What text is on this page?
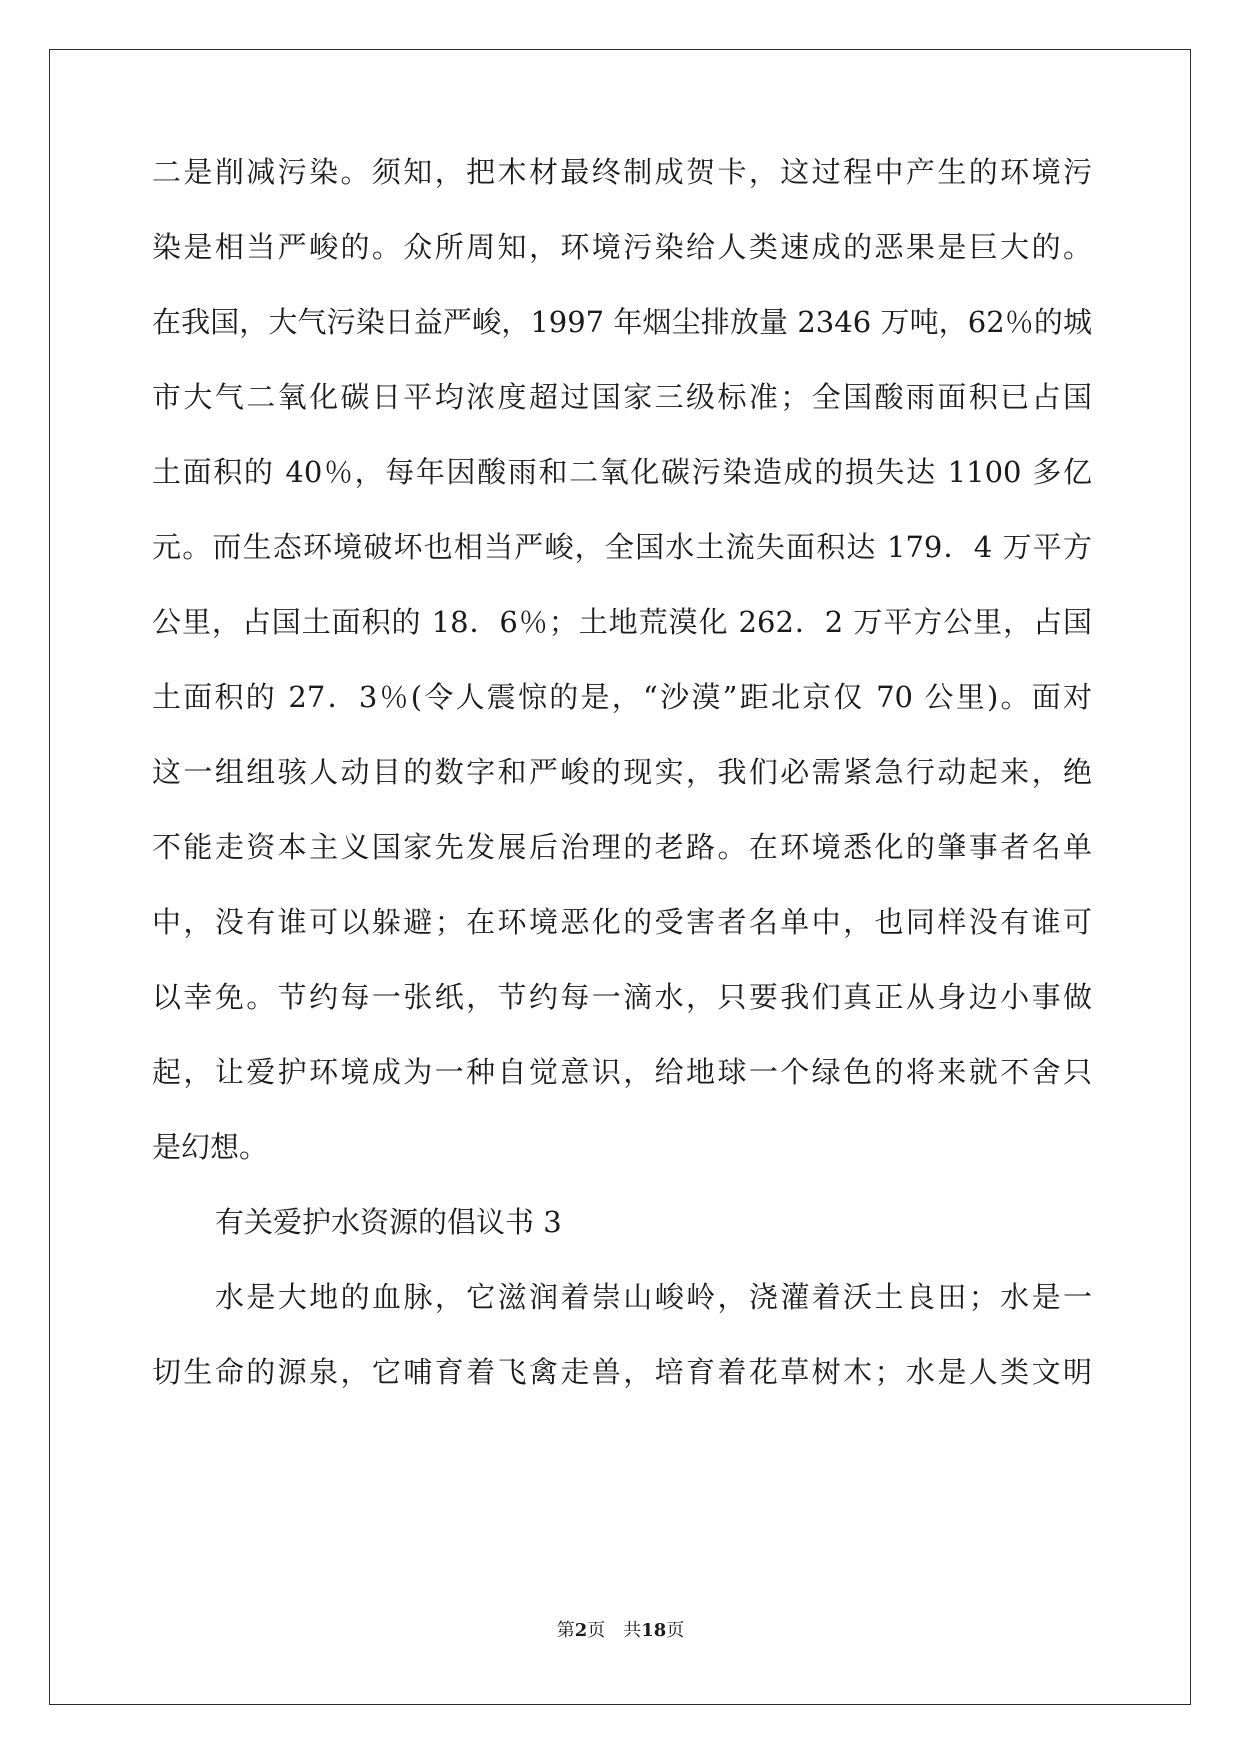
二是削减污染。须知，把木材最终制成贺卡，这过程中产生的环境污
染是相当严峻的。众所周知，环境污染给人类速成的恶果是巨大的。
在我国，大气污染日益严峻，1997 年烟尘排放量 2346 万吨，62％的城
市大气二氧化碳日平均浓度超过国家三级标准；全国酸雨面积已占国
土面积的 40％，每年因酸雨和二氧化碳污染造成的损失达 1100 多亿
元。而生态环境破坏也相当严峻，全国水土流失面积达 179．4 万平方
公里，占国土面积的 18．6％；土地荒漠化 262．2 万平方公里，占国
土面积的 27．3％(令人震惊的是，“沙漠”距北京仅 70 公里)。面对
这一组组骇人动目的数字和严峻的现实，我们必需紧急行动起来，绝
不能走资本主义国家先发展后治理的老路。在环境悉化的肇事者名单
中，没有谁可以躲避；在环境恶化的受害者名单中，也同样没有谁可
以幸免。节约每一张纸，节约每一滴水，只要我们真正从身边小事做
起，让爱护环境成为一种自觉意识，给地球一个绿色的将来就不舍只
是幻想。
有关爱护水资源的倡议书 3
水是大地的血脉，它滋润着崇山峻岭，浇灌着沃土良田；水是一
切生命的源泉，它哺育着飞禽走兽，培育着花草树木；水是人类文明
第2页 共18页
